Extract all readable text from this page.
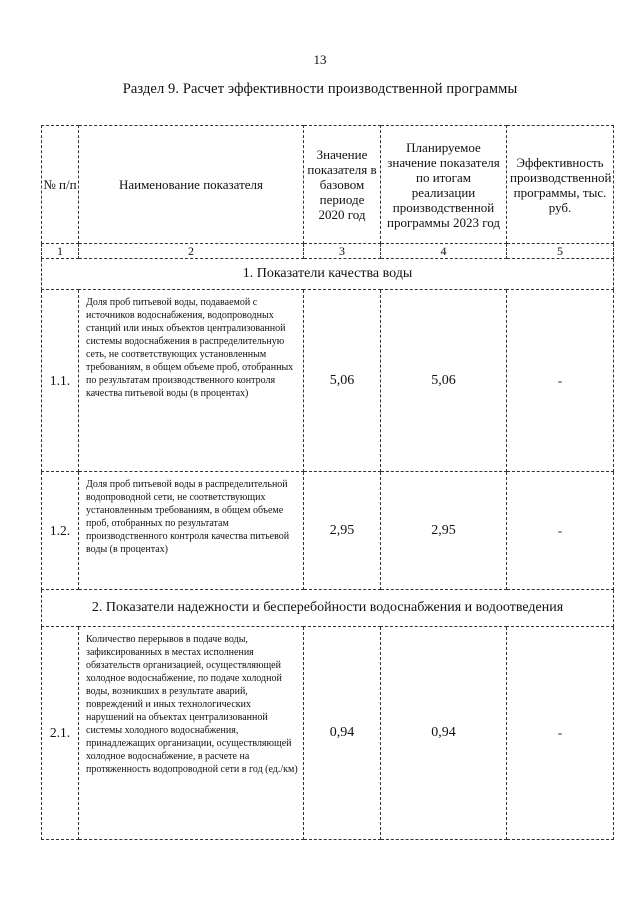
13
Раздел 9. Расчет эффективности производственной программы
№ п/п	Наименование показателя	Значение показателя в базовом периоде 2020 год	Планируемое значение показателя по итогам реализации производственной программы 2023 год	Эффективность производственной программы, тыс. руб.
1	2	3	4	5
1. Показатели качества воды				
1.1.	Доля проб питьевой воды, подаваемой с источников водоснабжения, водопроводных станций или иных объектов централизованной системы водоснабжения в распределительную сеть, не соответствующих установленным требованиям, в общем объеме проб, отобранных по результатам производственного контроля качества питьевой воды (в процентах)	5,06	5,06	-
1.2.	Доля проб питьевой воды в распределительной водопроводной сети, не соответствующих установленным требованиям, в общем объеме проб, отобранных по результатам производственного контроля качества питьевой воды (в процентах)	2,95	2,95	-
2. Показатели надежности и бесперебойности водоснабжения и водоотведения				
2.1.	Количество перерывов в подаче воды, зафиксированных в местах исполнения обязательств организацией, осуществляющей холодное водоснабжение, по подаче холодной воды, возникших в результате аварий, повреждений и иных технологических нарушений на объектах централизованной системы холодного водоснабжения, принадлежащих организации, осуществляющей холодное водоснабжение, в расчете на протяженность водопроводной сети в год (ед./км)	0,94	0,94	-
